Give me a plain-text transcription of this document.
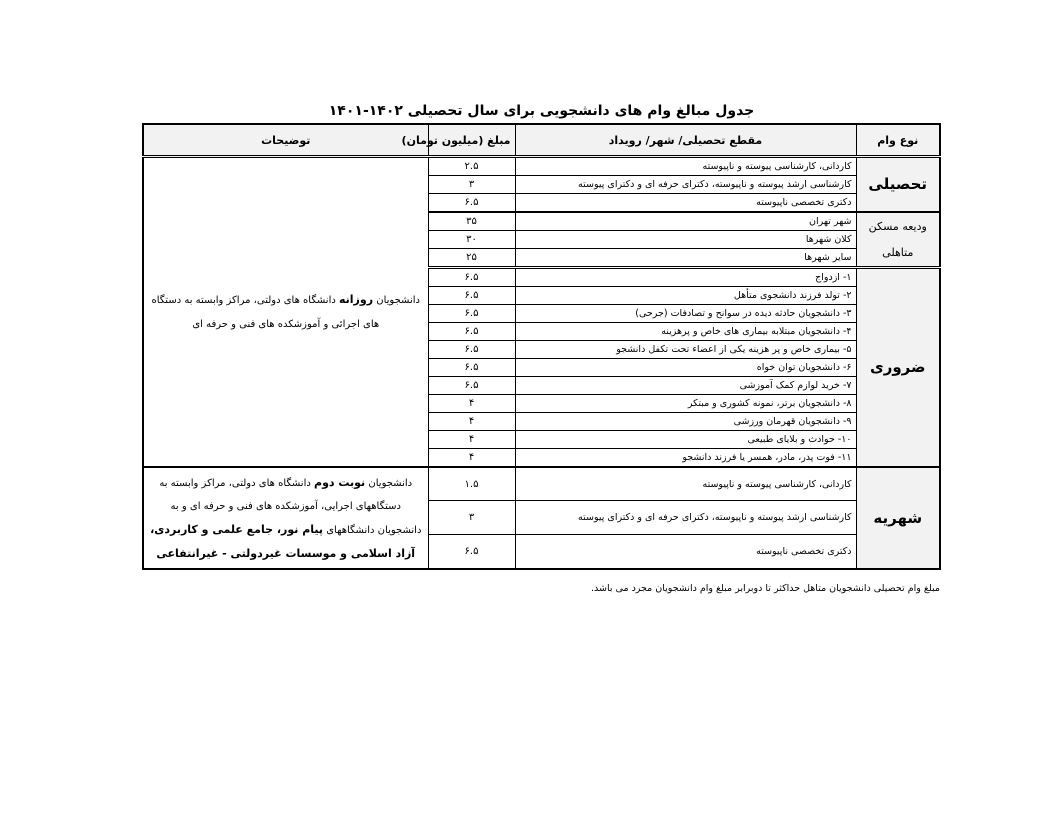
جدول مبالغ وام های دانشجویی برای سال تحصیلی ۱۴۰۲-۱۴۰۱
نوع وام	مقطع تحصیلی/ شهر/ رویداد	مبلغ (میلیون تومان)	توضیحات
تحصیلی	کاردانی، کارشناسی پیوسته و ناپیوسته	۲.۵	دانشجویان روزانه دانشگاه های دولتی، مراکز وابسته به دستگاه های اجرائی و آموزشکده های فنی و حرفه ای
	کارشناسی ارشد پیوسته و ناپیوسته، دکترای حرفه ای و دکترای پیوسته	۳	
	دکتری تخصصی ناپیوسته	۶.۵	
ودیعه مسکن متاهلی	شهر تهران	۳۵	
	کلان شهرها	۳۰	
	سایر شهرها	۲۵	
ضروری	۱- ازدواج	۶.۵	
	۲- تولد فرزند دانشجوی متأهل	۶.۵	
	۳- دانشجویان حادثه دیده در سوانح و تصادفات (جرحی)	۶.۵	
	۴- دانشجویان مبتلابه بیماری های خاص و پرهزینه	۶.۵	
	۵- بیماری خاص و پر هزینه یکی از اعضاء تحت تکفل دانشجو	۶.۵	
	۶- دانشجویان توان خواه	۶.۵	
	۷- خرید لوازم کمک آموزشی	۶.۵	
	۸- دانشجویان برتر، نمونه کشوری و مبتکر	۴	
	۹- دانشجویان قهرمان ورزشی	۴	
	۱۰- حوادث و بلایای طبیعی	۴	
	۱۱- فوت پدر، مادر، همسر یا فرزند دانشجو	۴	
شهریه	کاردانی، کارشناسی پیوسته و ناپیوسته	۱.۵	دانشجویان نوبت دوم دانشگاه های دولتی، مراکز وابسته به دستگاههای اجرایی، آموزشکده های فنی و حرفه ای و به دانشجویان دانشگاههای پیام نور، جامع علمی و کاربردی، آزاد اسلامی و موسسات غیردولتی - غیرانتفاعی
	کارشناسی ارشد پیوسته و ناپیوسته، دکترای حرفه ای و دکترای پیوسته	۳	
	دکتری تخصصی ناپیوسته	۶.۵	
مبلغ وام تحصیلی دانشجویان متاهل حداکثر تا دوبرابر مبلغ وام دانشجویان مجرد می باشد.
